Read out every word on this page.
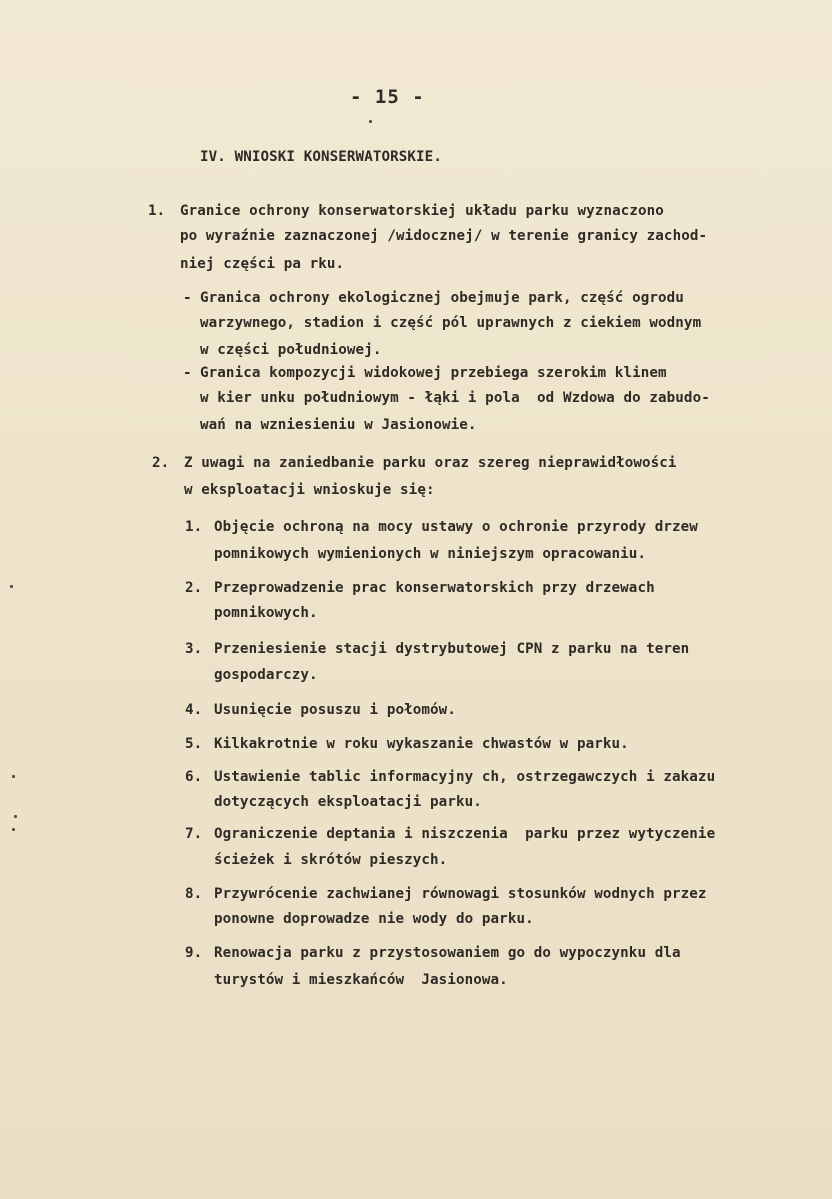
- 15 -
IV. WNIOSKI KONSERWATORSKIE.
1. Granice ochrony konserwatorskiej układu parku wyznaczono
po wyraźnie zaznaczonej /widocznej/ w terenie granicy zachod-
niej części pa rku.
- Granica ochrony ekologicznej obejmuje park, część ogrodu
warzywnego, stadion i część pól uprawnych z ciekiem wodnym
w części południowej.
- Granica kompozycji widokowej przebiega szerokim klinem
w kier unku południowym - łąki i pola  od Wzdowa do zabudo-
wań na wzniesieniu w Jasionowie.
2. Z uwagi na zaniedbanie parku oraz szereg nieprawidłowości
w eksploatacji wnioskuje się:
1. Objęcie ochroną na mocy ustawy o ochronie przyrody drzew
pomnikowych wymienionych w niniejszym opracowaniu.
2. Przeprowadzenie prac konserwatorskich przy drzewach
pomnikowych.
3. Przeniesienie stacji dystrybutowej CPN z parku na teren
gospodarczy.
4. Usunięcie posuszu i połomów.
5. Kilkakrotnie w roku wykaszanie chwastów w parku.
6. Ustawienie tablic informacyjny ch, ostrzegawczych i zakazu
dotyczących eksploatacji parku.
7. Ograniczenie deptania i niszczenia  parku przez wytyczenie
ścieżek i skrótów pieszych.
8. Przywrócenie zachwianej równowagi stosunków wodnych przez
ponowne doprowadze nie wody do parku.
9. Renowacja parku z przystosowaniem go do wypoczynku dla
turystów i mieszkańców  Jasionowa.
